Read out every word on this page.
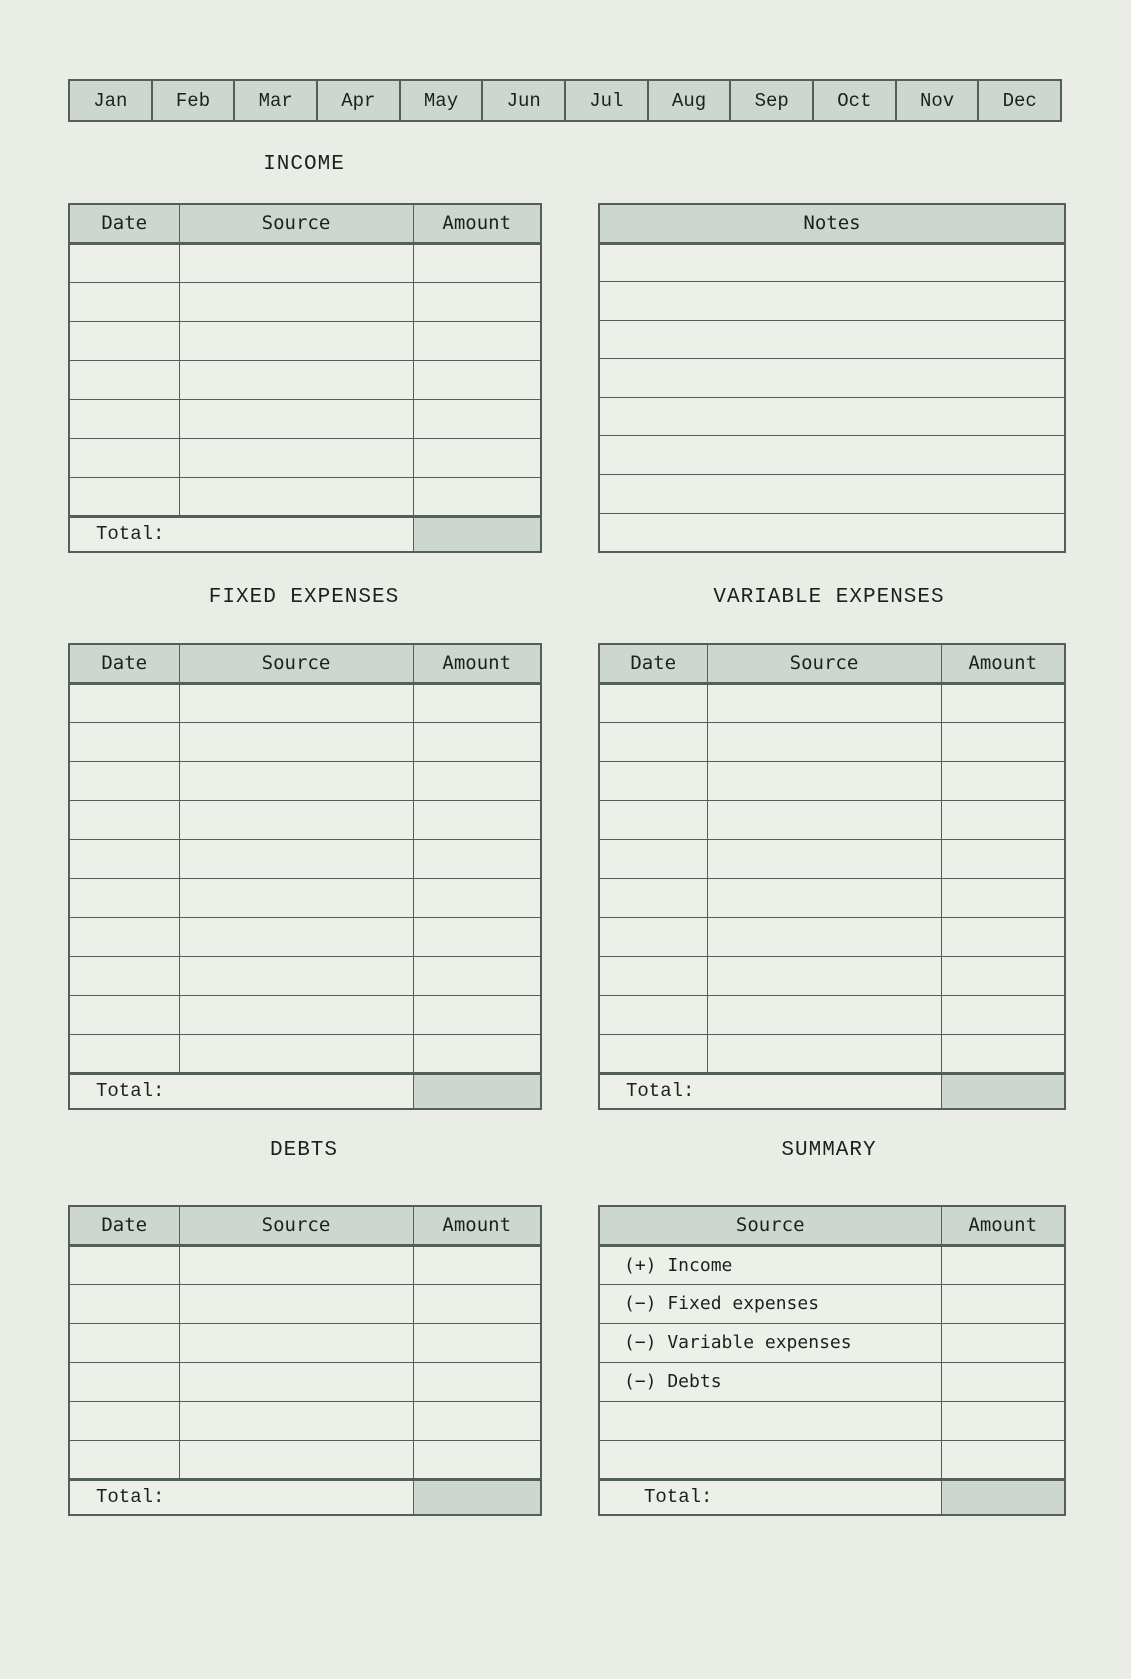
Jan	Feb	Mar	Apr	May	Jun	Jul	Aug	Sep	Oct	Nov	Dec
INCOME
Date	Source	Amount

Total:		
Notes

FIXED EXPENSES	VARIABLE EXPENSES
Date	Source	Amount

Total:		
Date	Source	Amount

Total:		
DEBTS	SUMMARY
Date	Source	Amount

Total:		
Source	Amount
(+) Income	
(−) Fixed expenses	
(−) Variable expenses	
(−) Debts	

Total:	
